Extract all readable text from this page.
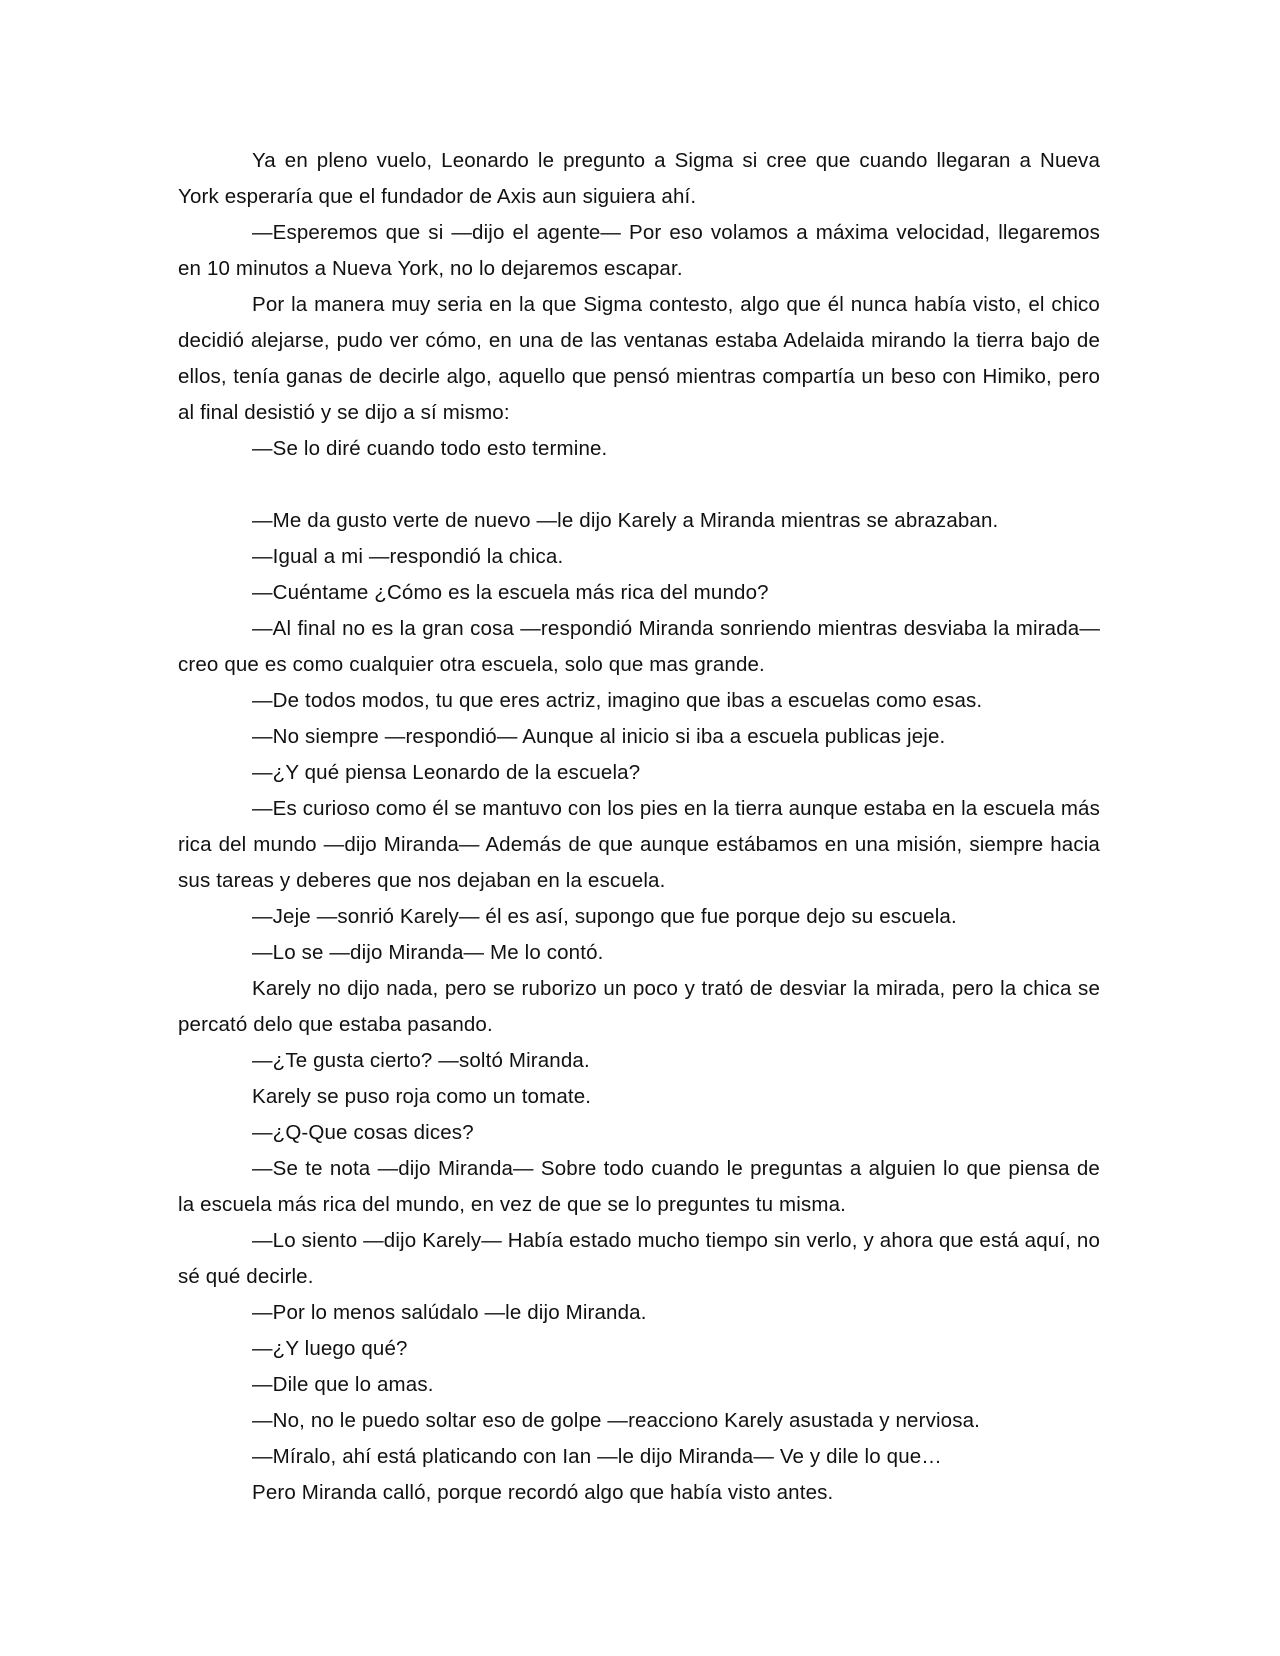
Ya en pleno vuelo, Leonardo le pregunto a Sigma si cree que cuando llegaran a Nueva York esperaría que el fundador de Axis aun siguiera ahí.

—Esperemos que si —dijo el agente— Por eso volamos a máxima velocidad, llegaremos en 10 minutos a Nueva York, no lo dejaremos escapar.

Por la manera muy seria en la que Sigma contesto, algo que él nunca había visto, el chico decidió alejarse, pudo ver cómo, en una de las ventanas estaba Adelaida mirando la tierra bajo de ellos, tenía ganas de decirle algo, aquello que pensó mientras compartía un beso con Himiko, pero al final desistió y se dijo a sí mismo:

—Se lo diré cuando todo esto termine.

—Me da gusto verte de nuevo —le dijo Karely a Miranda mientras se abrazaban.

—Igual a mi —respondió la chica.

—Cuéntame ¿Cómo es la escuela más rica del mundo?

—Al final no es la gran cosa —respondió Miranda sonriendo mientras desviaba la mirada— creo que es como cualquier otra escuela, solo que mas grande.

—De todos modos, tu que eres actriz, imagino que ibas a escuelas como esas.

—No siempre —respondió— Aunque al inicio si iba a escuela publicas jeje.

—¿Y qué piensa Leonardo de la escuela?

—Es curioso como él se mantuvo con los pies en la tierra aunque estaba en la escuela más rica del mundo —dijo Miranda— Además de que aunque estábamos en una misión, siempre hacia sus tareas y deberes que nos dejaban en la escuela.

—Jeje —sonrió Karely— él es así, supongo que fue porque dejo su escuela.

—Lo se —dijo Miranda— Me lo contó.

Karely no dijo nada, pero se ruborizo un poco y trató de desviar la mirada, pero la chica se percató delo que estaba pasando.

—¿Te gusta cierto? —soltó Miranda.

Karely se puso roja como un tomate.

—¿Q-Que cosas dices?

—Se te nota —dijo Miranda— Sobre todo cuando le preguntas a alguien lo que piensa de la escuela más rica del mundo, en vez de que se lo preguntes tu misma.

—Lo siento —dijo Karely— Había estado mucho tiempo sin verlo, y ahora que está aquí, no sé qué decirle.

—Por lo menos salúdalo —le dijo Miranda.

—¿Y luego qué?

—Dile que lo amas.

—No, no le puedo soltar eso de golpe —reacciono Karely asustada y nerviosa.

—Míralo, ahí está platicando con Ian —le dijo Miranda— Ve y dile lo que…

Pero Miranda calló, porque recordó algo que había visto antes.
